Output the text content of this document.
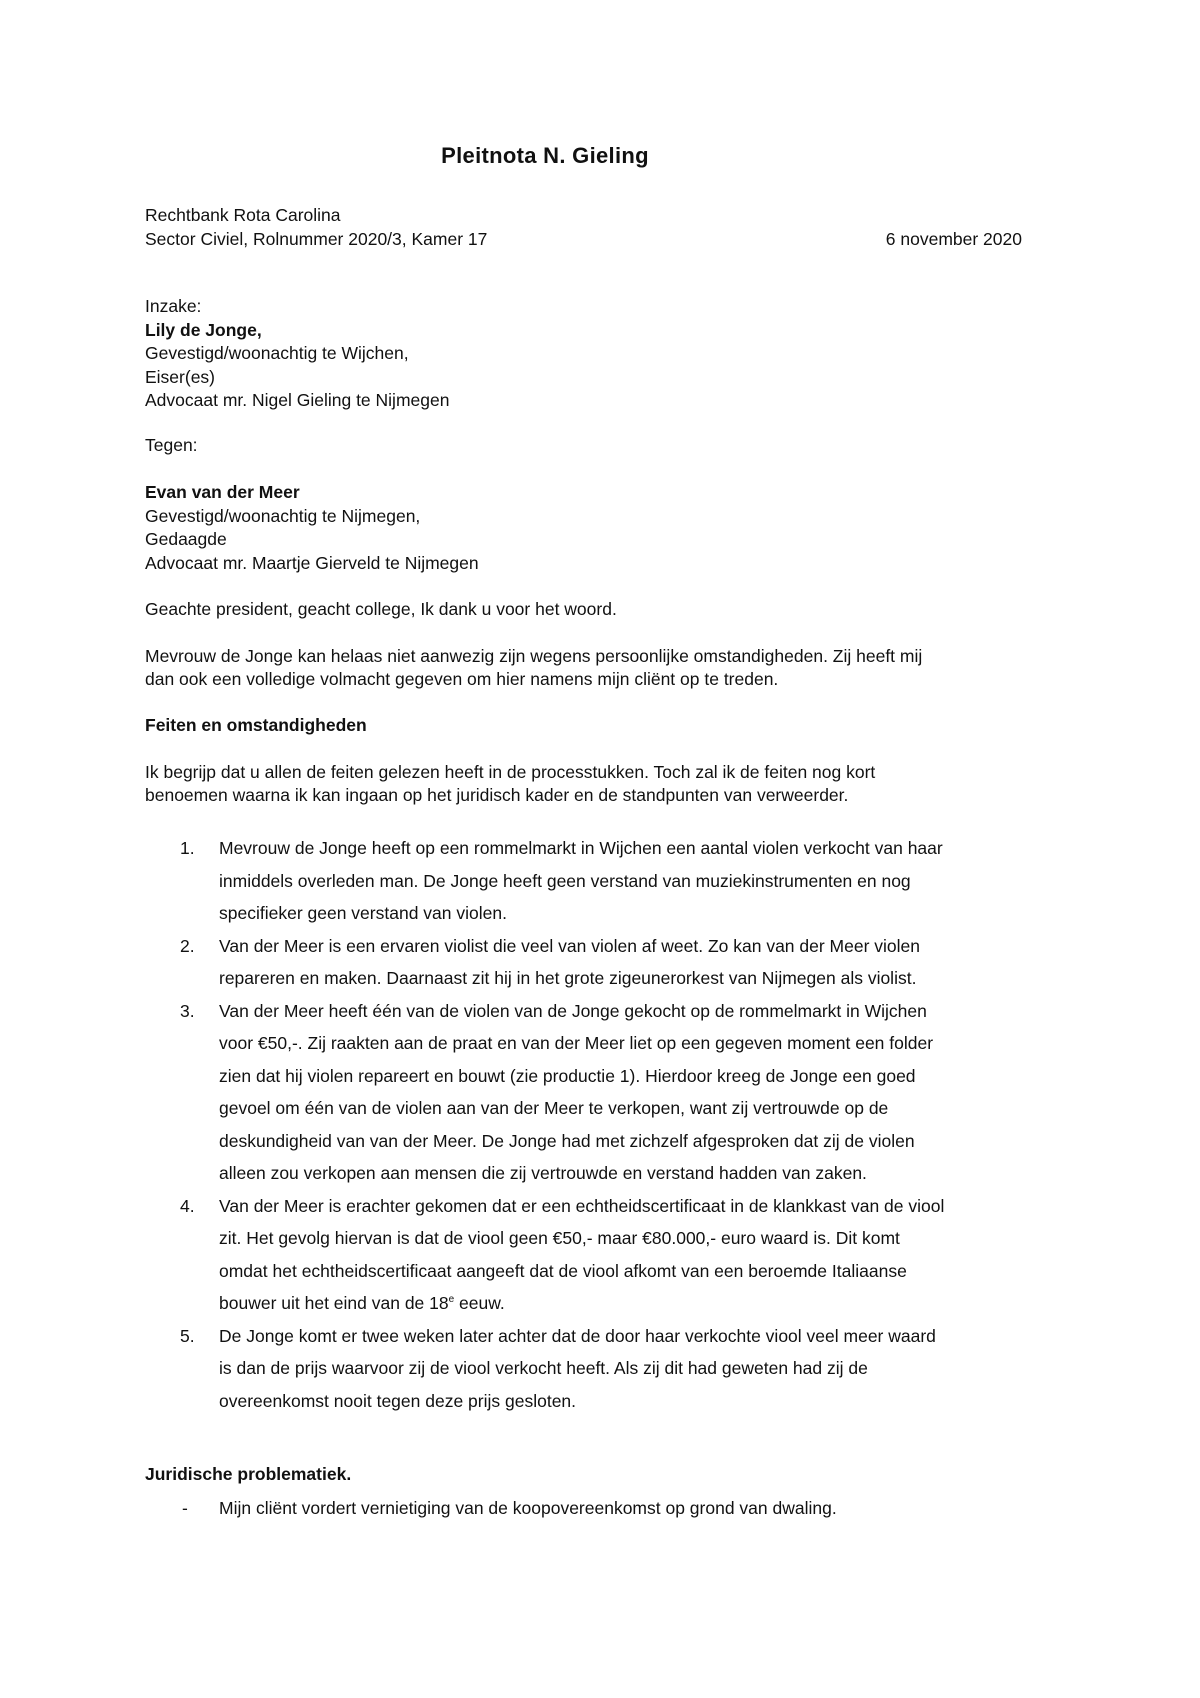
Pleitnota N. Gieling
Rechtbank Rota Carolina
Sector Civiel, Rolnummer 2020/3, Kamer 17	6 november 2020
Inzake:
Lily de Jonge,
Gevestigd/woonachtig te Wijchen,
Eiser(es)
Advocaat mr. Nigel Gieling te Nijmegen
Tegen:
Evan van der Meer
Gevestigd/woonachtig te Nijmegen,
Gedaagde
Advocaat mr. Maartje Gierveld te Nijmegen
Geachte president, geacht college, Ik dank u voor het woord.
Mevrouw de Jonge kan helaas niet aanwezig zijn wegens persoonlijke omstandigheden. Zij heeft mij
dan ook een volledige volmacht gegeven om hier namens mijn cliënt op te treden.
Feiten en omstandigheden
Ik begrijp dat u allen de feiten gelezen heeft in de processtukken. Toch zal ik de feiten nog kort
benoemen waarna ik kan ingaan op het juridisch kader en de standpunten van verweerder.
1. Mevrouw de Jonge heeft op een rommelmarkt in Wijchen een aantal violen verkocht van haar
inmiddels overleden man. De Jonge heeft geen verstand van muziekinstrumenten en nog
specifieker geen verstand van violen.
2. Van der Meer is een ervaren violist die veel van violen af weet. Zo kan van der Meer violen
repareren en maken. Daarnaast zit hij in het grote zigeunerorkest van Nijmegen als violist.
3. Van der Meer heeft één van de violen van de Jonge gekocht op de rommelmarkt in Wijchen
voor €50,-. Zij raakten aan de praat en van der Meer liet op een gegeven moment een folder
zien dat hij violen repareert en bouwt (zie productie 1). Hierdoor kreeg de Jonge een goed
gevoel om één van de violen aan van der Meer te verkopen, want zij vertrouwde op de
deskundigheid van van der Meer. De Jonge had met zichzelf afgesproken dat zij de violen
alleen zou verkopen aan mensen die zij vertrouwde en verstand hadden van zaken.
4. Van der Meer is erachter gekomen dat er een echtheidscertificaat in de klankkast van de viool
zit. Het gevolg hiervan is dat de viool geen €50,- maar €80.000,- euro waard is. Dit komt
omdat het echtheidscertificaat aangeeft dat de viool afkomt van een beroemde Italiaanse
bouwer uit het eind van de 18e eeuw.
5. De Jonge komt er twee weken later achter dat de door haar verkochte viool veel meer waard
is dan de prijs waarvoor zij de viool verkocht heeft. Als zij dit had geweten had zij de
overeenkomst nooit tegen deze prijs gesloten.
Juridische problematiek.
- Mijn cliënt vordert vernietiging van de koopovereenkomst op grond van dwaling.
